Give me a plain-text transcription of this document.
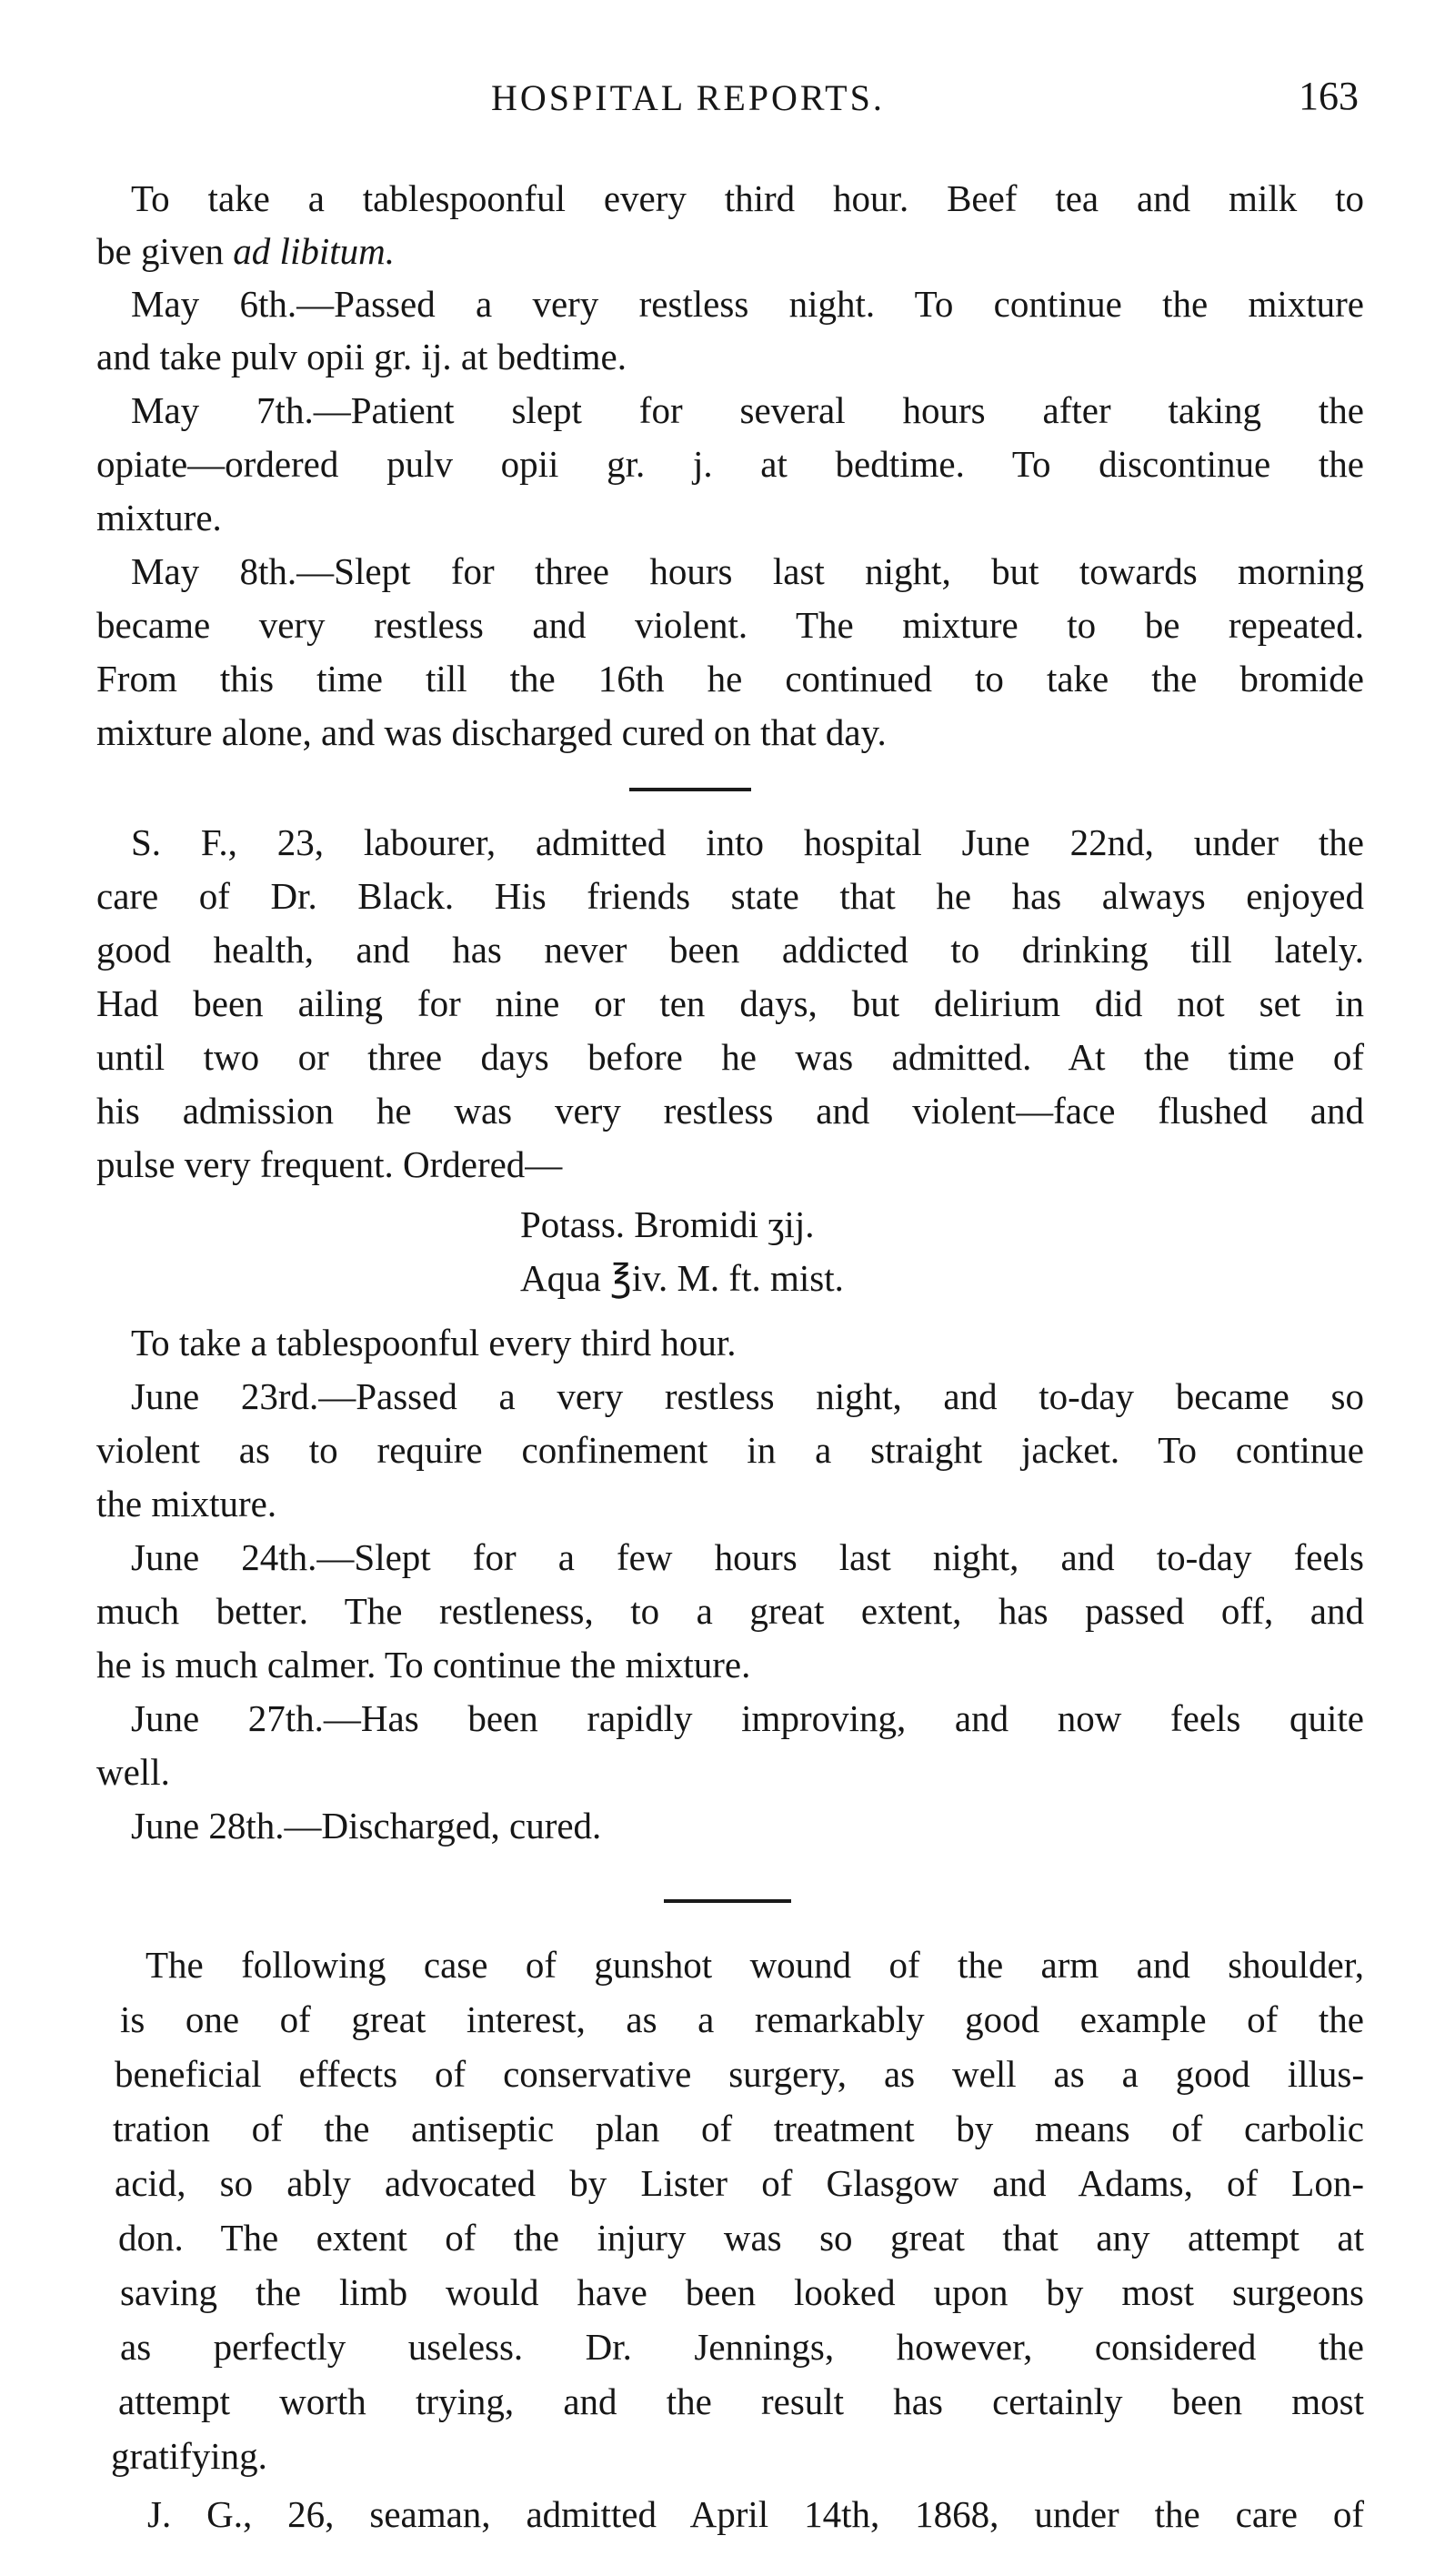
HOSPITAL REPORTS.	163
To take a tablespoonful every third hour. Beef tea and milk to
be given ad libitum.
May 6th.—Passed a very restless night. To continue the mixture
and take pulv opii gr. ij. at bedtime.
May 7th.—Patient slept for several hours after taking the
opiate—ordered pulv opii gr. j. at bedtime. To discontinue the
mixture.
May 8th.—Slept for three hours last night, but towards morning
became very restless and violent. The mixture to be repeated.
From this time till the 16th he continued to take the bromide
mixture alone, and was discharged cured on that day.
S. F., 23, labourer, admitted into hospital June 22nd, under the
care of Dr. Black. His friends state that he has always enjoyed
good health, and has never been addicted to drinking till lately.
Had been ailing for nine or ten days, but delirium did not set in
until two or three days before he was admitted. At the time of
his admission he was very restless and violent—face flushed and
pulse very frequent. Ordered—
Potass. Bromidi ʒij.
Aqua ℥iv. M. ft. mist.
To take a tablespoonful every third hour.
June 23rd.—Passed a very restless night, and to-day became so
violent as to require confinement in a straight jacket. To continue
the mixture.
June 24th.—Slept for a few hours last night, and to-day feels
much better. The restleness, to a great extent, has passed off, and
he is much calmer. To continue the mixture.
June 27th.—Has been rapidly improving, and now feels quite
well.
June 28th.—Discharged, cured.
The following case of gunshot wound of the arm and shoulder,
is one of great interest, as a remarkably good example of the
beneficial effects of conservative surgery, as well as a good illus-
tration of the antiseptic plan of treatment by means of carbolic
acid, so ably advocated by Lister of Glasgow and Adams, of Lon-
don. The extent of the injury was so great that any attempt at
saving the limb would have been looked upon by most surgeons
as perfectly useless. Dr. Jennings, however, considered the
attempt worth trying, and the result has certainly been most
gratifying.
J. G., 26, seaman, admitted April 14th, 1868, under the care of
